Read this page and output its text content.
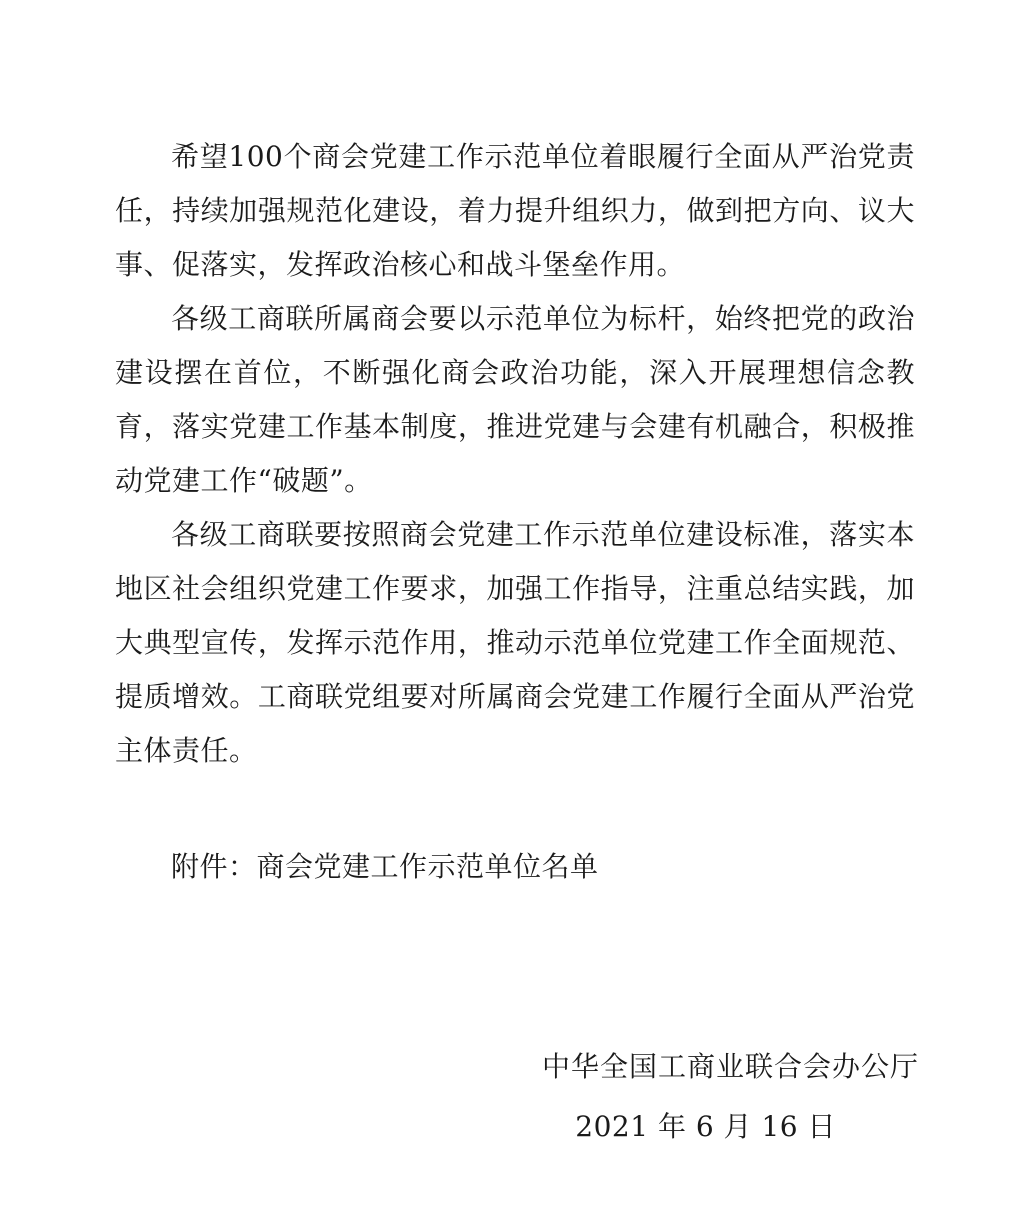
希望100个商会党建工作示范单位着眼履行全面从严治党责任，持续加强规范化建设，着力提升组织力，做到把方向、议大事、促落实，发挥政治核心和战斗堡垒作用。

各级工商联所属商会要以示范单位为标杆，始终把党的政治建设摆在首位，不断强化商会政治功能，深入开展理想信念教育，落实党建工作基本制度，推进党建与会建有机融合，积极推动党建工作“破题”。

各级工商联要按照商会党建工作示范单位建设标准，落实本地区社会组织党建工作要求，加强工作指导，注重总结实践，加大典型宣传，发挥示范作用，推动示范单位党建工作全面规范、提质增效。工商联党组要对所属商会党建工作履行全面从严治党主体责任。

附件：商会党建工作示范单位名单
中华全国工商业联合会办公厅
2021 年 6 月 16 日
